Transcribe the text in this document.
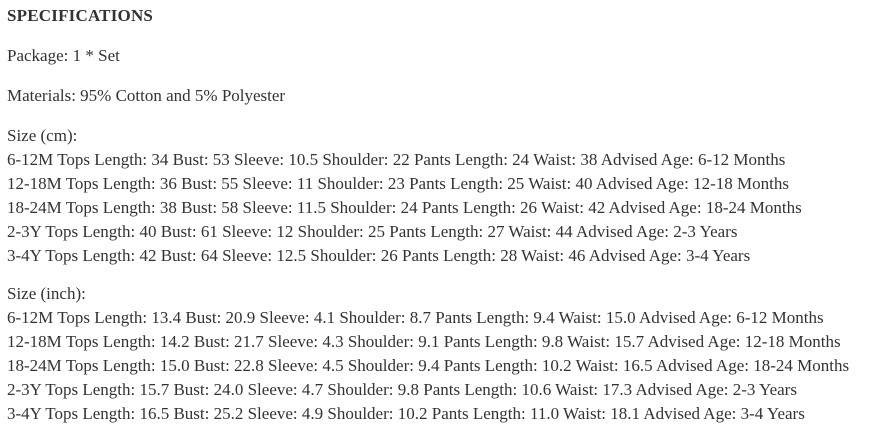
SPECIFICATIONS

Package: 1 * Set

Materials: 95% Cotton and 5% Polyester

Size (cm):
6-12M Tops Length: 34 Bust: 53 Sleeve: 10.5 Shoulder: 22 Pants Length: 24 Waist: 38 Advised Age: 6-12 Months
12-18M Tops Length: 36 Bust: 55 Sleeve: 11 Shoulder: 23 Pants Length: 25 Waist: 40 Advised Age: 12-18 Months
18-24M Tops Length: 38 Bust: 58 Sleeve: 11.5 Shoulder: 24 Pants Length: 26 Waist: 42 Advised Age: 18-24 Months
2-3Y Tops Length: 40 Bust: 61 Sleeve: 12 Shoulder: 25 Pants Length: 27 Waist: 44 Advised Age: 2-3 Years
3-4Y Tops Length: 42 Bust: 64 Sleeve: 12.5 Shoulder: 26 Pants Length: 28 Waist: 46 Advised Age: 3-4 Years
Size (inch):
6-12M Tops Length: 13.4 Bust: 20.9 Sleeve: 4.1 Shoulder: 8.7 Pants Length: 9.4 Waist: 15.0 Advised Age: 6-12 Months
12-18M Tops Length: 14.2 Bust: 21.7 Sleeve: 4.3 Shoulder: 9.1 Pants Length: 9.8 Waist: 15.7 Advised Age: 12-18 Months
18-24M Tops Length: 15.0 Bust: 22.8 Sleeve: 4.5 Shoulder: 9.4 Pants Length: 10.2 Waist: 16.5 Advised Age: 18-24 Months
2-3Y Tops Length: 15.7 Bust: 24.0 Sleeve: 4.7 Shoulder: 9.8 Pants Length: 10.6 Waist: 17.3 Advised Age: 2-3 Years
3-4Y Tops Length: 16.5 Bust: 25.2 Sleeve: 4.9 Shoulder: 10.2 Pants Length: 11.0 Waist: 18.1 Advised Age: 3-4 Years
